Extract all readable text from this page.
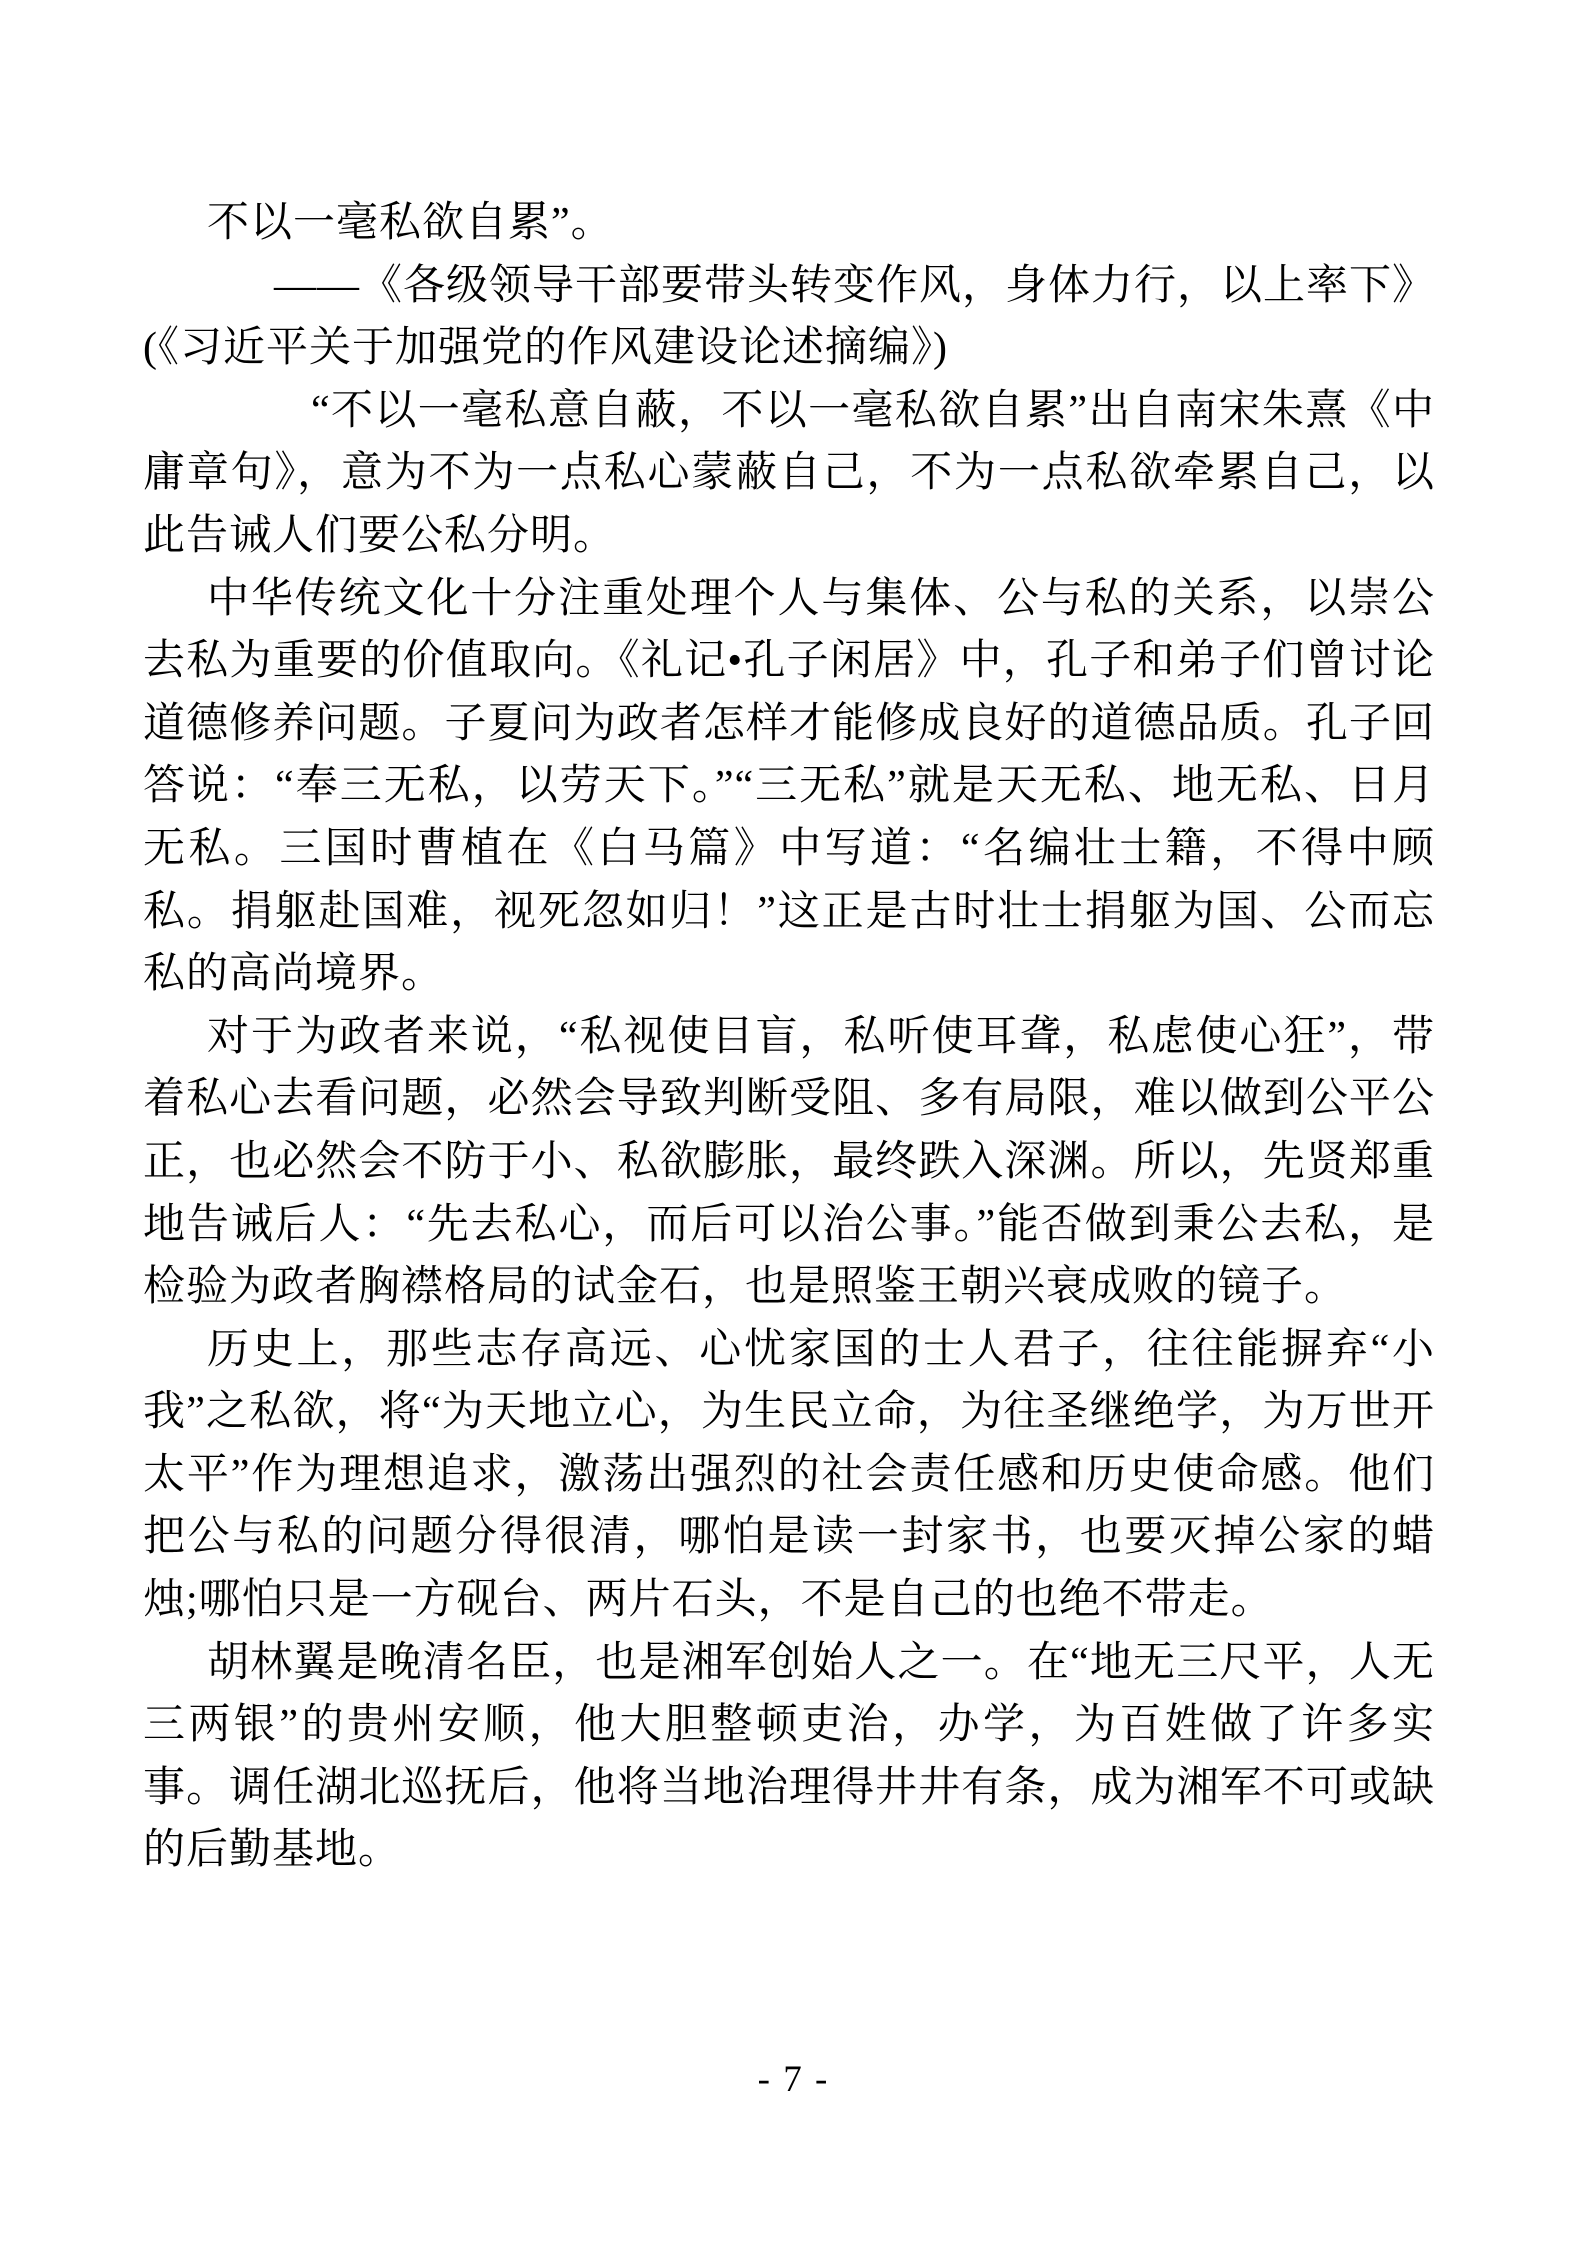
不以一毫私欲自累”。

——《各级领导干部要带头转变作风，身体力行，以上率下》

(《习近平关于加强党的作风建设论述摘编》)

“不以一毫私意自蔽，不以一毫私欲自累”出自南宋朱熹《中庸章句》，意为不为一点私心蒙蔽自己，不为一点私欲牵累自己，以此告诫人们要公私分明。

中华传统文化十分注重处理个人与集体、公与私的关系，以崇公去私为重要的价值取向。《礼记•孔子闲居》中，孔子和弟子们曾讨论道德修养问题。子夏问为政者怎样才能修成良好的道德品质。孔子回答说：“奉三无私，以劳天下。”“三无私”就是天无私、地无私、日月无私。三国时曹植在《白马篇》中写道：“名编壮士籍，不得中顾私。捐躯赴国难，视死忽如归！”这正是古时壮士捐躯为国、公而忘私的高尚境界。

对于为政者来说，“私视使目盲，私听使耳聋，私虑使心狂”，带着私心去看问题，必然会导致判断受阻、多有局限，难以做到公平公正，也必然会不防于小、私欲膨胀，最终跌入深渊。所以，先贤郑重地告诫后人：“先去私心，而后可以治公事。”能否做到秉公去私，是检验为政者胸襟格局的试金石，也是照鉴王朝兴衰成败的镜子。

历史上，那些志存高远、心忧家国的士人君子，往往能摒弃“小我”之私欲，将“为天地立心，为生民立命，为往圣继绝学，为万世开太平”作为理想追求，激荡出强烈的社会责任感和历史使命感。他们把公与私的问题分得很清，哪怕是读一封家书，也要灭掉公家的蜡烛;哪怕只是一方砚台、两片石头，不是自己的也绝不带走。

胡林翼是晚清名臣，也是湘军创始人之一。在“地无三尺平，人无三两银”的贵州安顺，他大胆整顿吏治，办学，为百姓做了许多实事。调任湖北巡抚后，他将当地治理得井井有条，成为湘军不可或缺的后勤基地。

- 7 -
